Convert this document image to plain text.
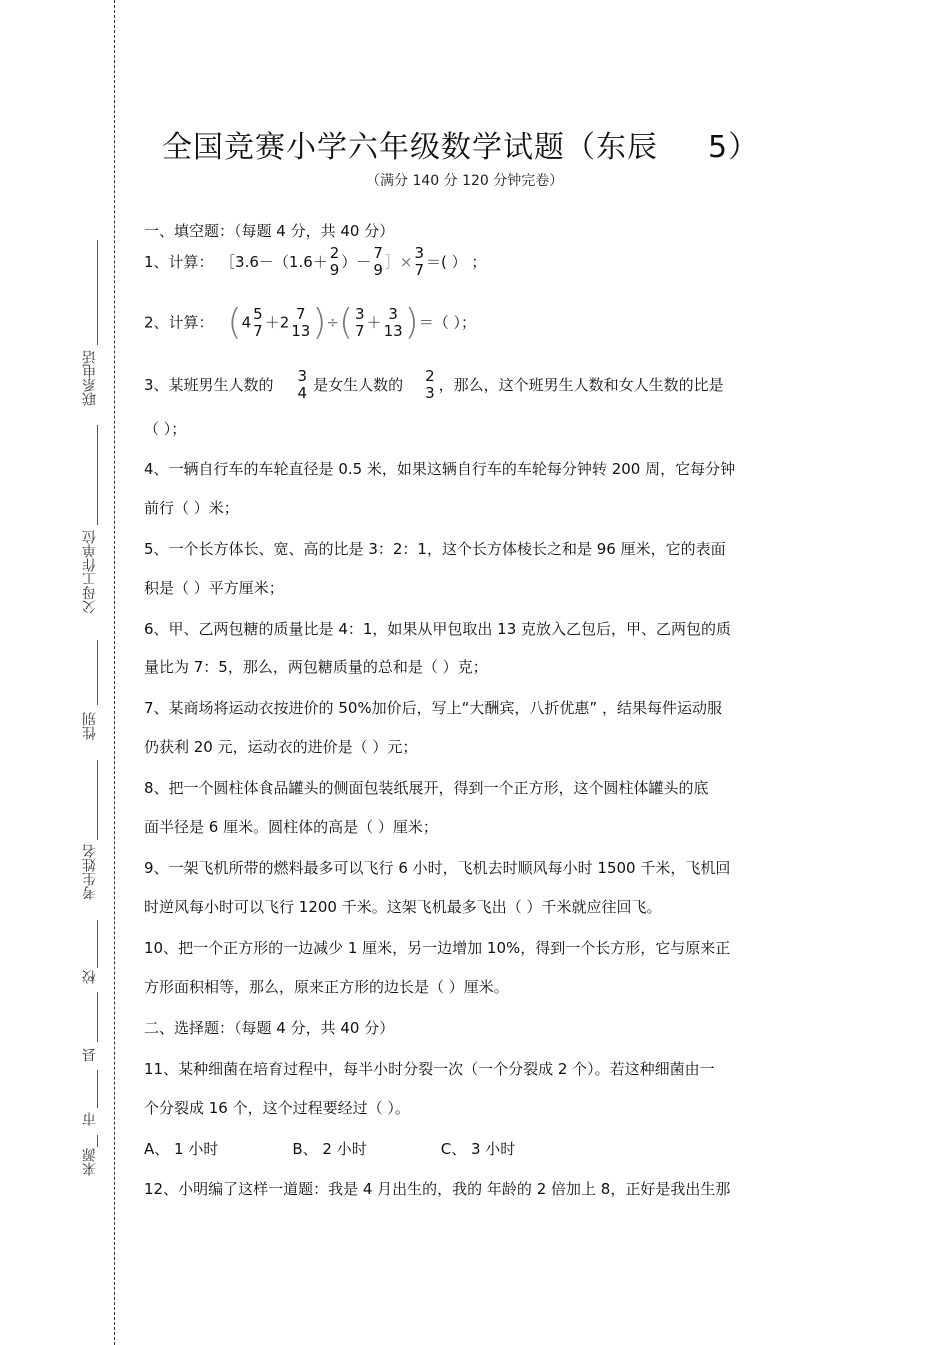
联系电话
父母工作单位
性别
考生姓名
校
县
市
来源
全国竞赛小学六年级数学试题（东辰 5）
（满分 140 分 120 分钟完卷）
一、填空题：（每题 4 分，共 40 分）
1、计算： ［3.6－（1.6＋ 2
9 ）－ 7
9 ］× 3
7 ＝( ） ；
2、计算： (4 5
7 ＋2 7
13 )÷( 3
7 ＋ 3
13 )＝（ ）；
3、某班男生人数的 3
4 是女生人数的 2
3 ，那么，这个班男生人数和女人生数的比是
（ ）；
4、一辆自行车的车轮直径是 0.5 米，如果这辆自行车的车轮每分钟转 200 周，它每分钟
前行（ ）米；
5、一个长方体长、宽、高的比是 3：2：1，这个长方体棱长之和是 96 厘米，它的表面
积是（ ）平方厘米；
6、甲、乙两包糖的质量比是 4：1，如果从甲包取出 13 克放入乙包后，甲、乙两包的质
量比为 7：5，那么，两包糖质量的总和是（ ）克；
7、某商场将运动衣按进价的 50%加价后，写上“大酬宾，八折优惠” ，结果每件运动服
仍获利 20 元，运动衣的进价是（ ）元；
8、把一个圆柱体食品罐头的侧面包装纸展开，得到一个正方形，这个圆柱体罐头的底
面半径是 6 厘米。圆柱体的高是（ ）厘米；
9、一架飞机所带的燃料最多可以飞行 6 小时，飞机去时顺风每小时 1500 千米，飞机回
时逆风每小时可以飞行 1200 千米。这架飞机最多飞出（ ）千米就应往回飞。
10、把一个正方形的一边减少 1 厘米，另一边增加 10%，得到一个长方形，它与原来正
方形面积相等，那么，原来正方形的边长是（ ）厘米。
二、选择题：（每题 4 分，共 40 分）
11、某种细菌在培育过程中，每半小时分裂一次（一个分裂成 2 个）。若这种细菌由一
个分裂成 16 个，这个过程要经过（ ）。
A、 1 小时	B、 2 小时	C、 3 小时
12、小明编了这样一道题：我是 4 月出生的，我的 年龄的 2 倍加上 8，正好是我出生那
